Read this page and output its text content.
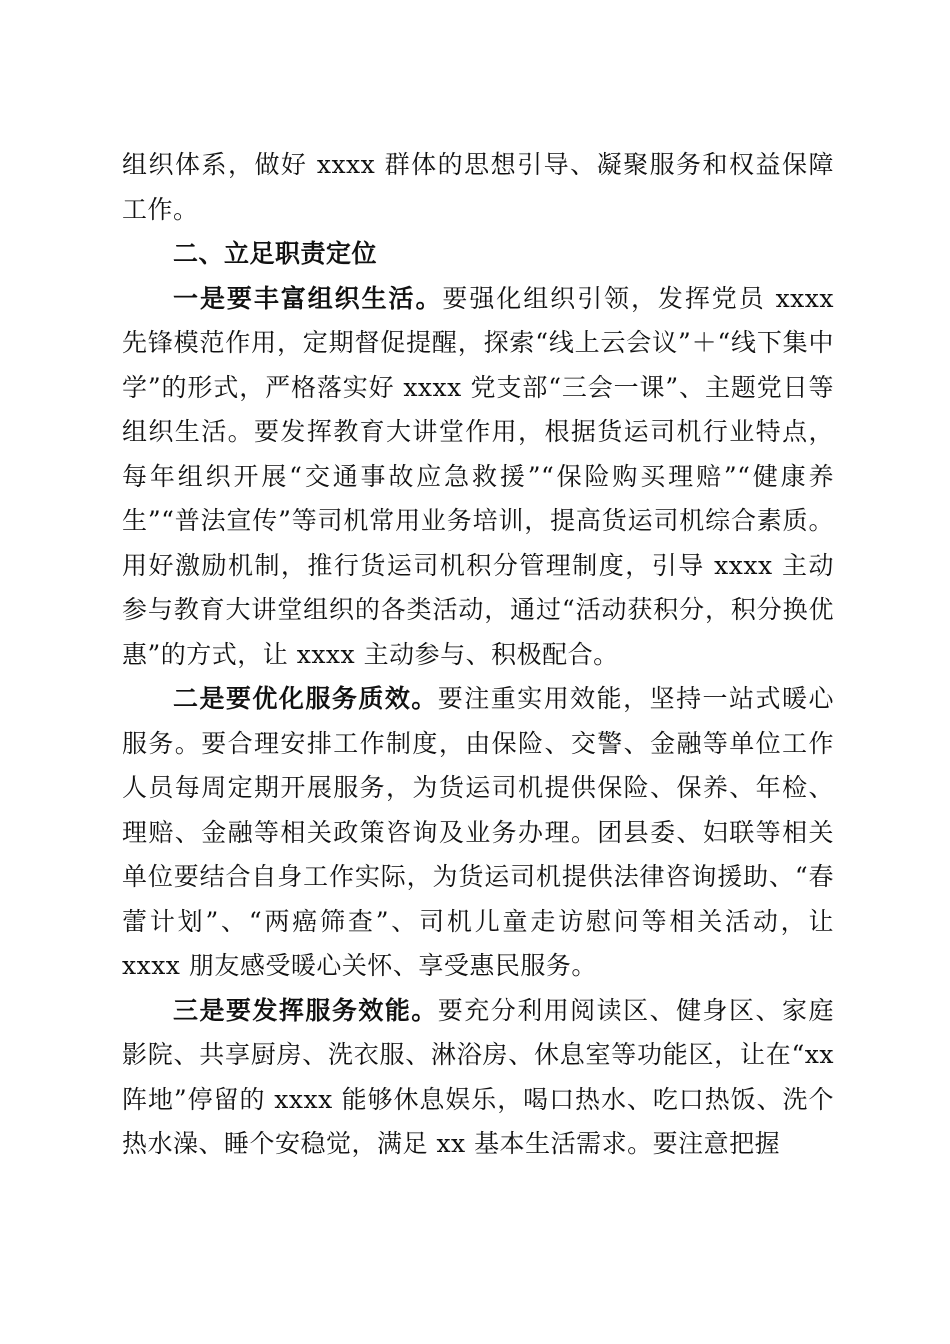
组织体系，做好 xxxx 群体的思想引导、凝聚服务和权益保障工作。

二、立足职责定位

一是要丰富组织生活。要强化组织引领，发挥党员 xxxx 先锋模范作用，定期督促提醒，探索“线上云会议”＋“线下集中学”的形式，严格落实好 xxxx 党支部“三会一课”、主题党日等组织生活。要发挥教育大讲堂作用，根据货运司机行业特点，每年组织开展“交通事故应急救援”“保险购买理赔”“健康养生”“普法宣传”等司机常用业务培训，提高货运司机综合素质。用好激励机制，推行货运司机积分管理制度，引导 xxxx 主动参与教育大讲堂组织的各类活动，通过“活动获积分，积分换优惠”的方式，让 xxxx 主动参与、积极配合。

二是要优化服务质效。要注重实用效能，坚持一站式暖心服务。要合理安排工作制度，由保险、交警、金融等单位工作人员每周定期开展服务，为货运司机提供保险、保养、年检、理赔、金融等相关政策咨询及业务办理。团县委、妇联等相关单位要结合自身工作实际，为货运司机提供法律咨询援助、“春蕾计划”、“两癌筛查”、司机儿童走访慰问等相关活动，让 xxxx 朋友感受暖心关怀、享受惠民服务。

三是要发挥服务效能。要充分利用阅读区、健身区、家庭影院、共享厨房、洗衣服、淋浴房、休息室等功能区，让在“xx 阵地”停留的 xxxx 能够休息娱乐，喝口热水、吃口热饭、洗个热水澡、睡个安稳觉，满足 xx 基本生活需求。要注意把握
